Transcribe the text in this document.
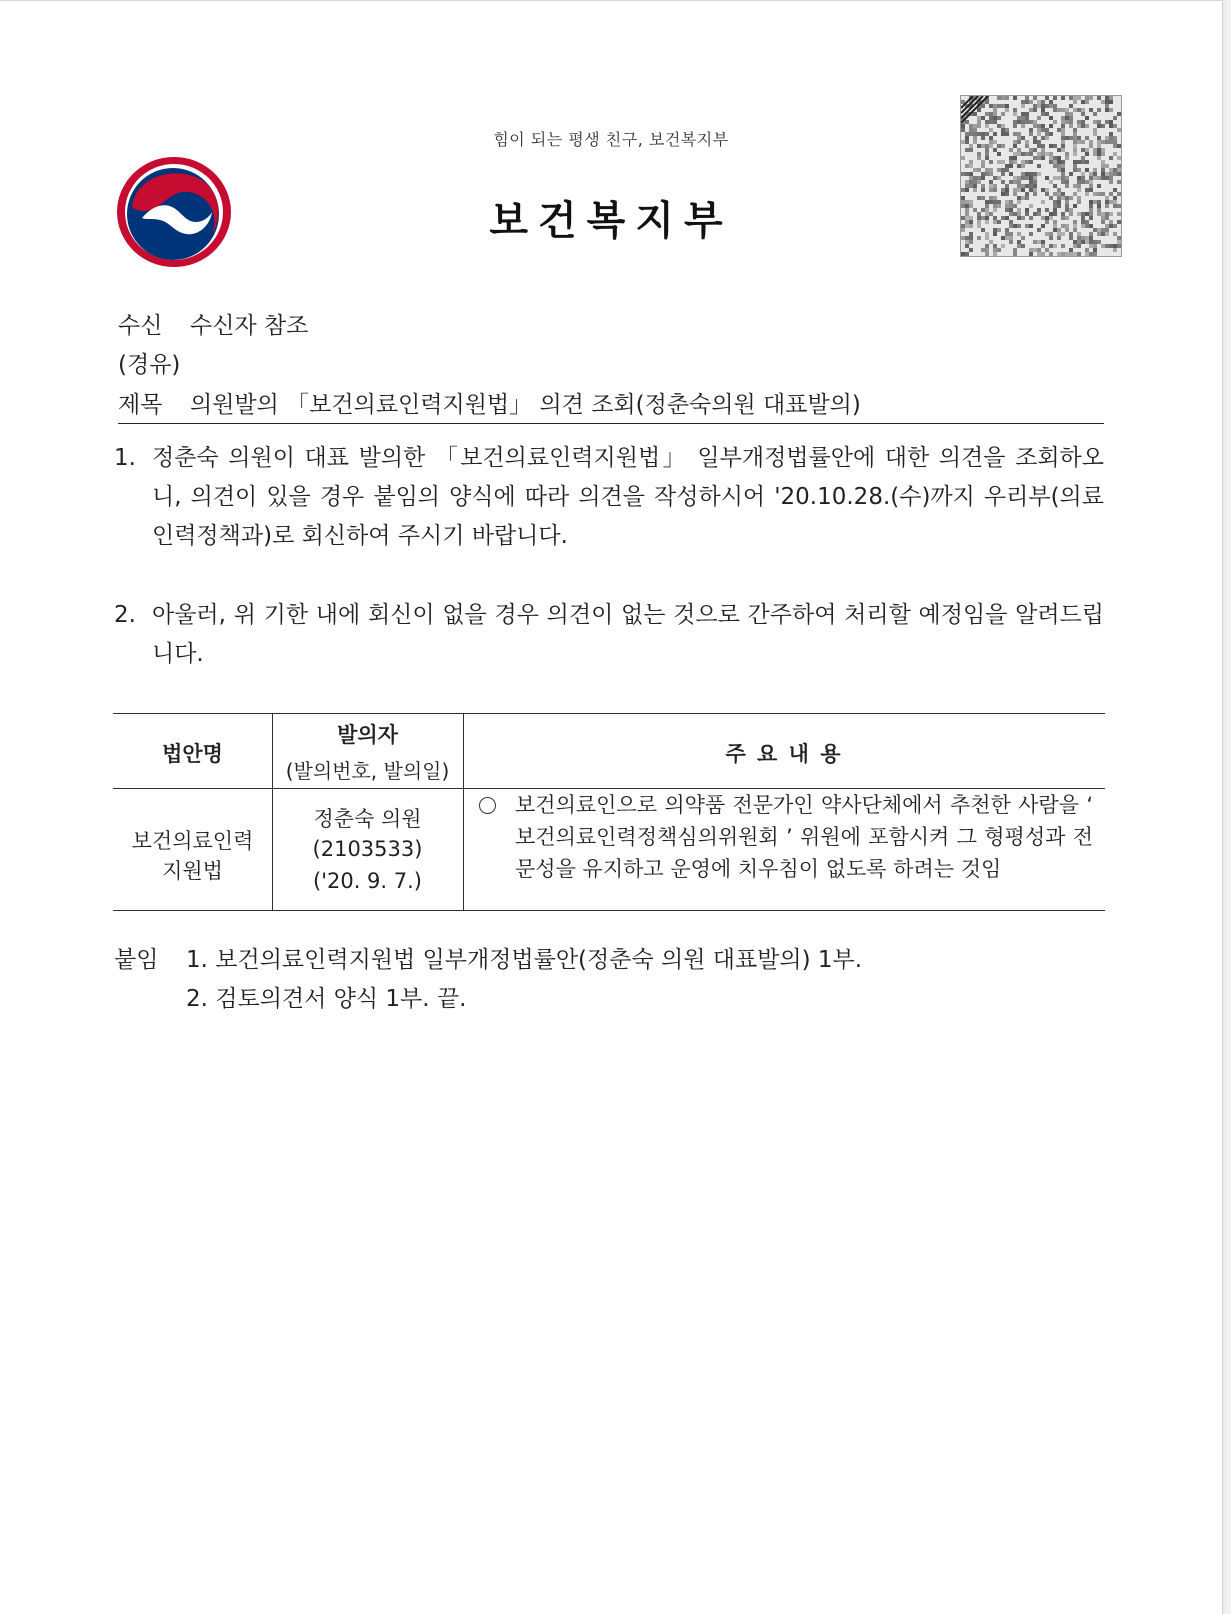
힘이 되는 평생 친구, 보건복지부
보건복지부
수신 수신자 참조
(경유)
제목 의원발의 「보건의료인력지원법」 의견 조회(정춘숙의원 대표발의)
1. 정춘숙 의원이 대표 발의한 「보건의료인력지원법」 일부개정법률안에 대한 의견을 조회하오니, 의견이 있을 경우 붙임의 양식에 따라 의견을 작성하시어 '20.10.28.(수)까지 우리부(의료인력정책과)로 회신하여 주시기 바랍니다.
2. 아울러, 위 기한 내에 회신이 없을 경우 의견이 없는 것으로 간주하여 처리할 예정임을 알려드립니다.
법안명
발의자
(발의번호, 발의일)
주 요 내 용
보건의료인력
지원법
정춘숙 의원
(2103533)
('20. 9. 7.)
보건의료인으로 의약품 전문가인 약사단체에서 추천한 사람을 ‘ 보건의료인력정책심의위원회 ’ 위원에 포함시켜 그 형평성과 전문성을 유지하고 운영에 치우침이 없도록 하려는 것임
붙임 1. 보건의료인력지원법 일부개정법률안(정춘숙 의원 대표발의) 1부.
2. 검토의견서 양식 1부. 끝.
